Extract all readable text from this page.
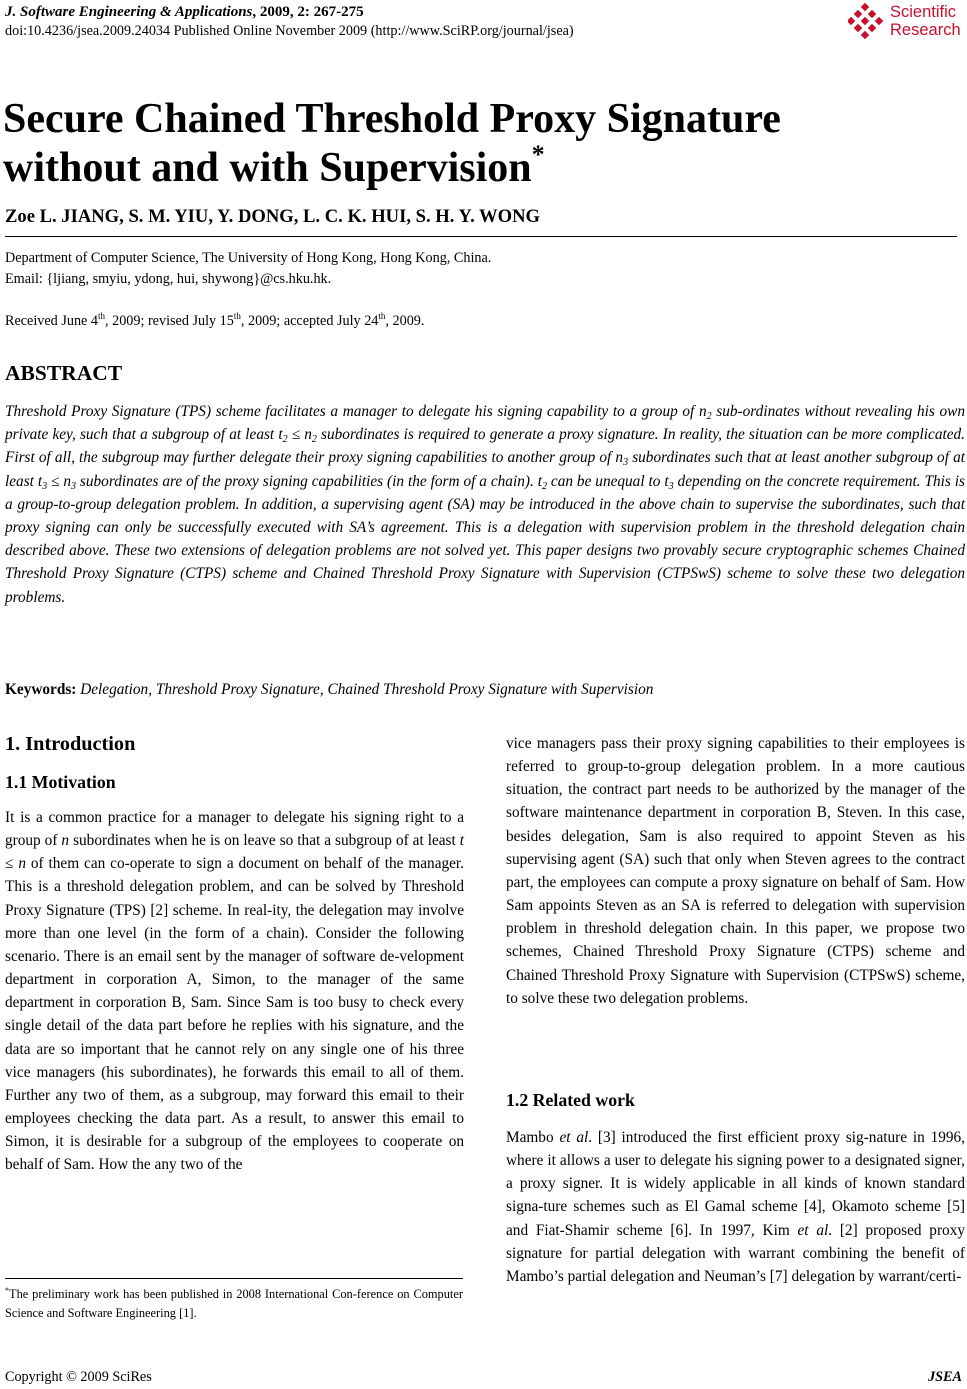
J. Software Engineering & Applications, 2009, 2: 267-275
doi:10.4236/jsea.2009.24034 Published Online November 2009 (http://www.SciRP.org/journal/jsea)
Scientific
Research
Secure Chained Threshold Proxy Signature
without and with Supervision*
Zoe L. JIANG, S. M. YIU, Y. DONG, L. C. K. HUI, S. H. Y. WONG
Department of Computer Science, The University of Hong Kong, Hong Kong, China.
Email: {ljiang, smyiu, ydong, hui, shywong}@cs.hku.hk.
Received June 4th, 2009; revised July 15th, 2009; accepted July 24th, 2009.
ABSTRACT
Threshold Proxy Signature (TPS) scheme facilitates a manager to delegate his signing capability to a group of $n_2$ sub-ordinates without revealing his own private key, such that a subgroup of at least $t_2 \le n_2$ subordinates is required to generate a proxy signature. In reality, the situation can be more complicated. First of all, the subgroup may further delegate their proxy signing capabilities to another group of $n_3$ subordinates such that at least another subgroup of at least $t_3 \le n_3$ subordinates are of the proxy signing capabilities (in the form of a chain). $t_2$ can be unequal to $t_3$ depending on the concrete requirement. This is a group-to-group delegation problem. In addition, a supervising agent (SA) may be introduced in the above chain to supervise the subordinates, such that proxy signing can only be successfully executed with SA’s agreement. This is a delegation with supervision problem in the threshold delegation chain described above. These two extensions of delegation problems are not solved yet. This paper designs two provably secure cryptographic schemes Chained Threshold Proxy Signature (CTPS) scheme and Chained Threshold Proxy Signature with Supervision (CTPSwS) scheme to solve these two delegation problems.
Keywords: Delegation, Threshold Proxy Signature, Chained Threshold Proxy Signature with Supervision
1. Introduction
1.1 Motivation

It is a common practice for a manager to delegate his signing right to a group of n subordinates when he is on leave so that a subgroup of at least t ≤ n of them can co-operate to sign a document on behalf of the manager. This is a threshold delegation problem, and can be solved by Threshold Proxy Signature (TPS) [2] scheme. In real-ity, the delegation may involve more than one level (in the form of a chain). Consider the following scenario. There is an email sent by the manager of software de-velopment department in corporation A, Simon, to the manager of the same department in corporation B, Sam. Since Sam is too busy to check every single detail of the data part before he replies with his signature, and the data are so important that he cannot rely on any single one of his three vice managers (his subordinates), he forwards this email to all of them. Further any two of them, as a subgroup, may forward this email to their employees checking the data part. As a result, to answer this email to Simon, it is desirable for a subgroup of the employees to cooperate on behalf of Sam. How the any two of the

*The preliminary work has been published in 2008 International Con-ference on Computer Science and Software Engineering [1].

vice managers pass their proxy signing capabilities to their employees is referred to group-to-group delegation problem. In a more cautious situation, the contract part needs to be authorized by the manager of the software maintenance department in corporation B, Steven. In this case, besides delegation, Sam is also required to appoint Steven as his supervising agent (SA) such that only when Steven agrees to the contract part, the employees can compute a proxy signature on behalf of Sam. How Sam appoints Steven as an SA is referred to delegation with supervision problem in threshold delegation chain. In this paper, we propose two schemes, Chained Threshold Proxy Signature (CTPS) scheme and Chained Threshold Proxy Signature with Supervision (CTPSwS) scheme, to solve these two delegation problems.

1.2 Related work

Mambo et al. [3] introduced the first efficient proxy sig-nature in 1996, where it allows a user to delegate his signing power to a designated signer, a proxy signer. It is widely applicable in all kinds of known standard signa-ture schemes such as El Gamal scheme [4], Okamoto scheme [5] and Fiat-Shamir scheme [6]. In 1997, Kim et al. [2] proposed proxy signature for partial delegation with warrant combining the benefit of Mambo’s partial delegation and Neuman’s [7] delegation by warrant/certi-

Copyright © 2009 SciRes	JSEA
